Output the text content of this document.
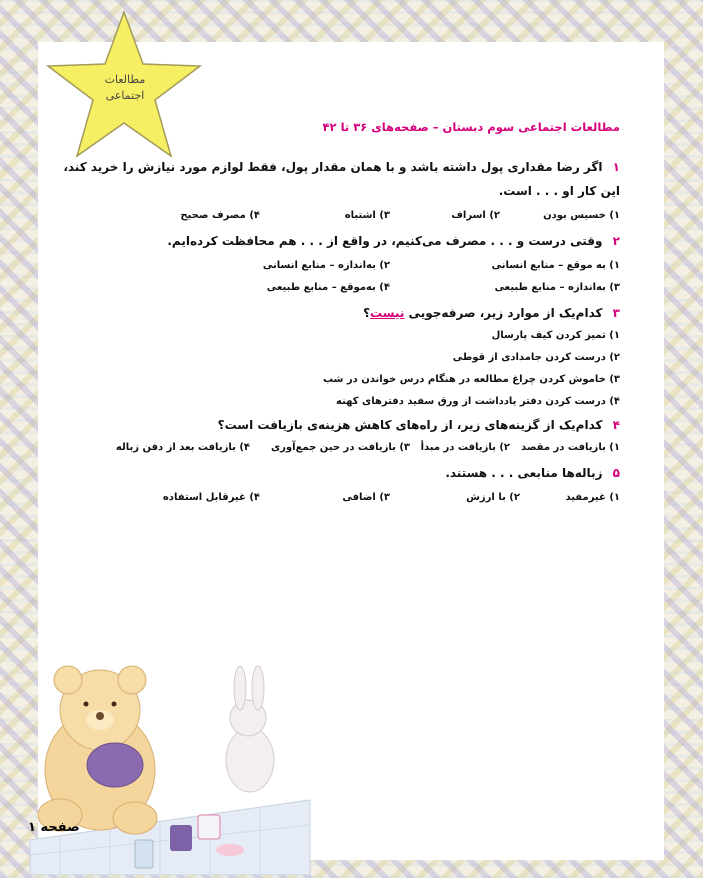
مطالعات
اجتماعی
مطالعات اجتماعی سوم دبستان – صفحه‌های ۳۶ تا ۴۲
۱ اگر رضا مقداری پول داشته باشد و با همان مقدار پول، فقط لوازم مورد نیازش را خرید کند،
این کار او . . . است.
۱) خسیس بودن
۲) اسراف
۳) اشتباه
۴) مصرف صحیح
۲ وقتی درست و . . . مصرف می‌کنیم، در واقع از . . . هم محافظت کرده‌ایم.
۱) به موقع – منابع انسانی
۲) به‌اندازه – منابع انسانی
۳) به‌اندازه – منابع طبیعی
۴) به‌موقع – منابع طبیعی
۳ کدام‌یک از موارد زیر، صرفه‌جویی نیست؟
۱) تمیز کردن کیف پارسال
۲) درست کردن جامدادی از قوطی
۳) خاموش کردن چراغ مطالعه در هنگام درس خواندن در شب
۴) درست کردن دفتر یادداشت از ورق سفید دفترهای کهنه
۴ کدام‌یک از گزینه‌های زیر، از راه‌های کاهش هزینه‌ی بازیافت است؟
۱) بازیافت در مقصد
۲) بازیافت در مبدأ
۳) بازیافت در حین جمع‌آوری
۴) بازیافت بعد از دفن زباله
۵ زباله‌ها منابعی . . . هستند.
۱) غیرمفید
۲) با ارزش
۳) اضافی
۴) غیرقابل استفاده
صفحه ۱
